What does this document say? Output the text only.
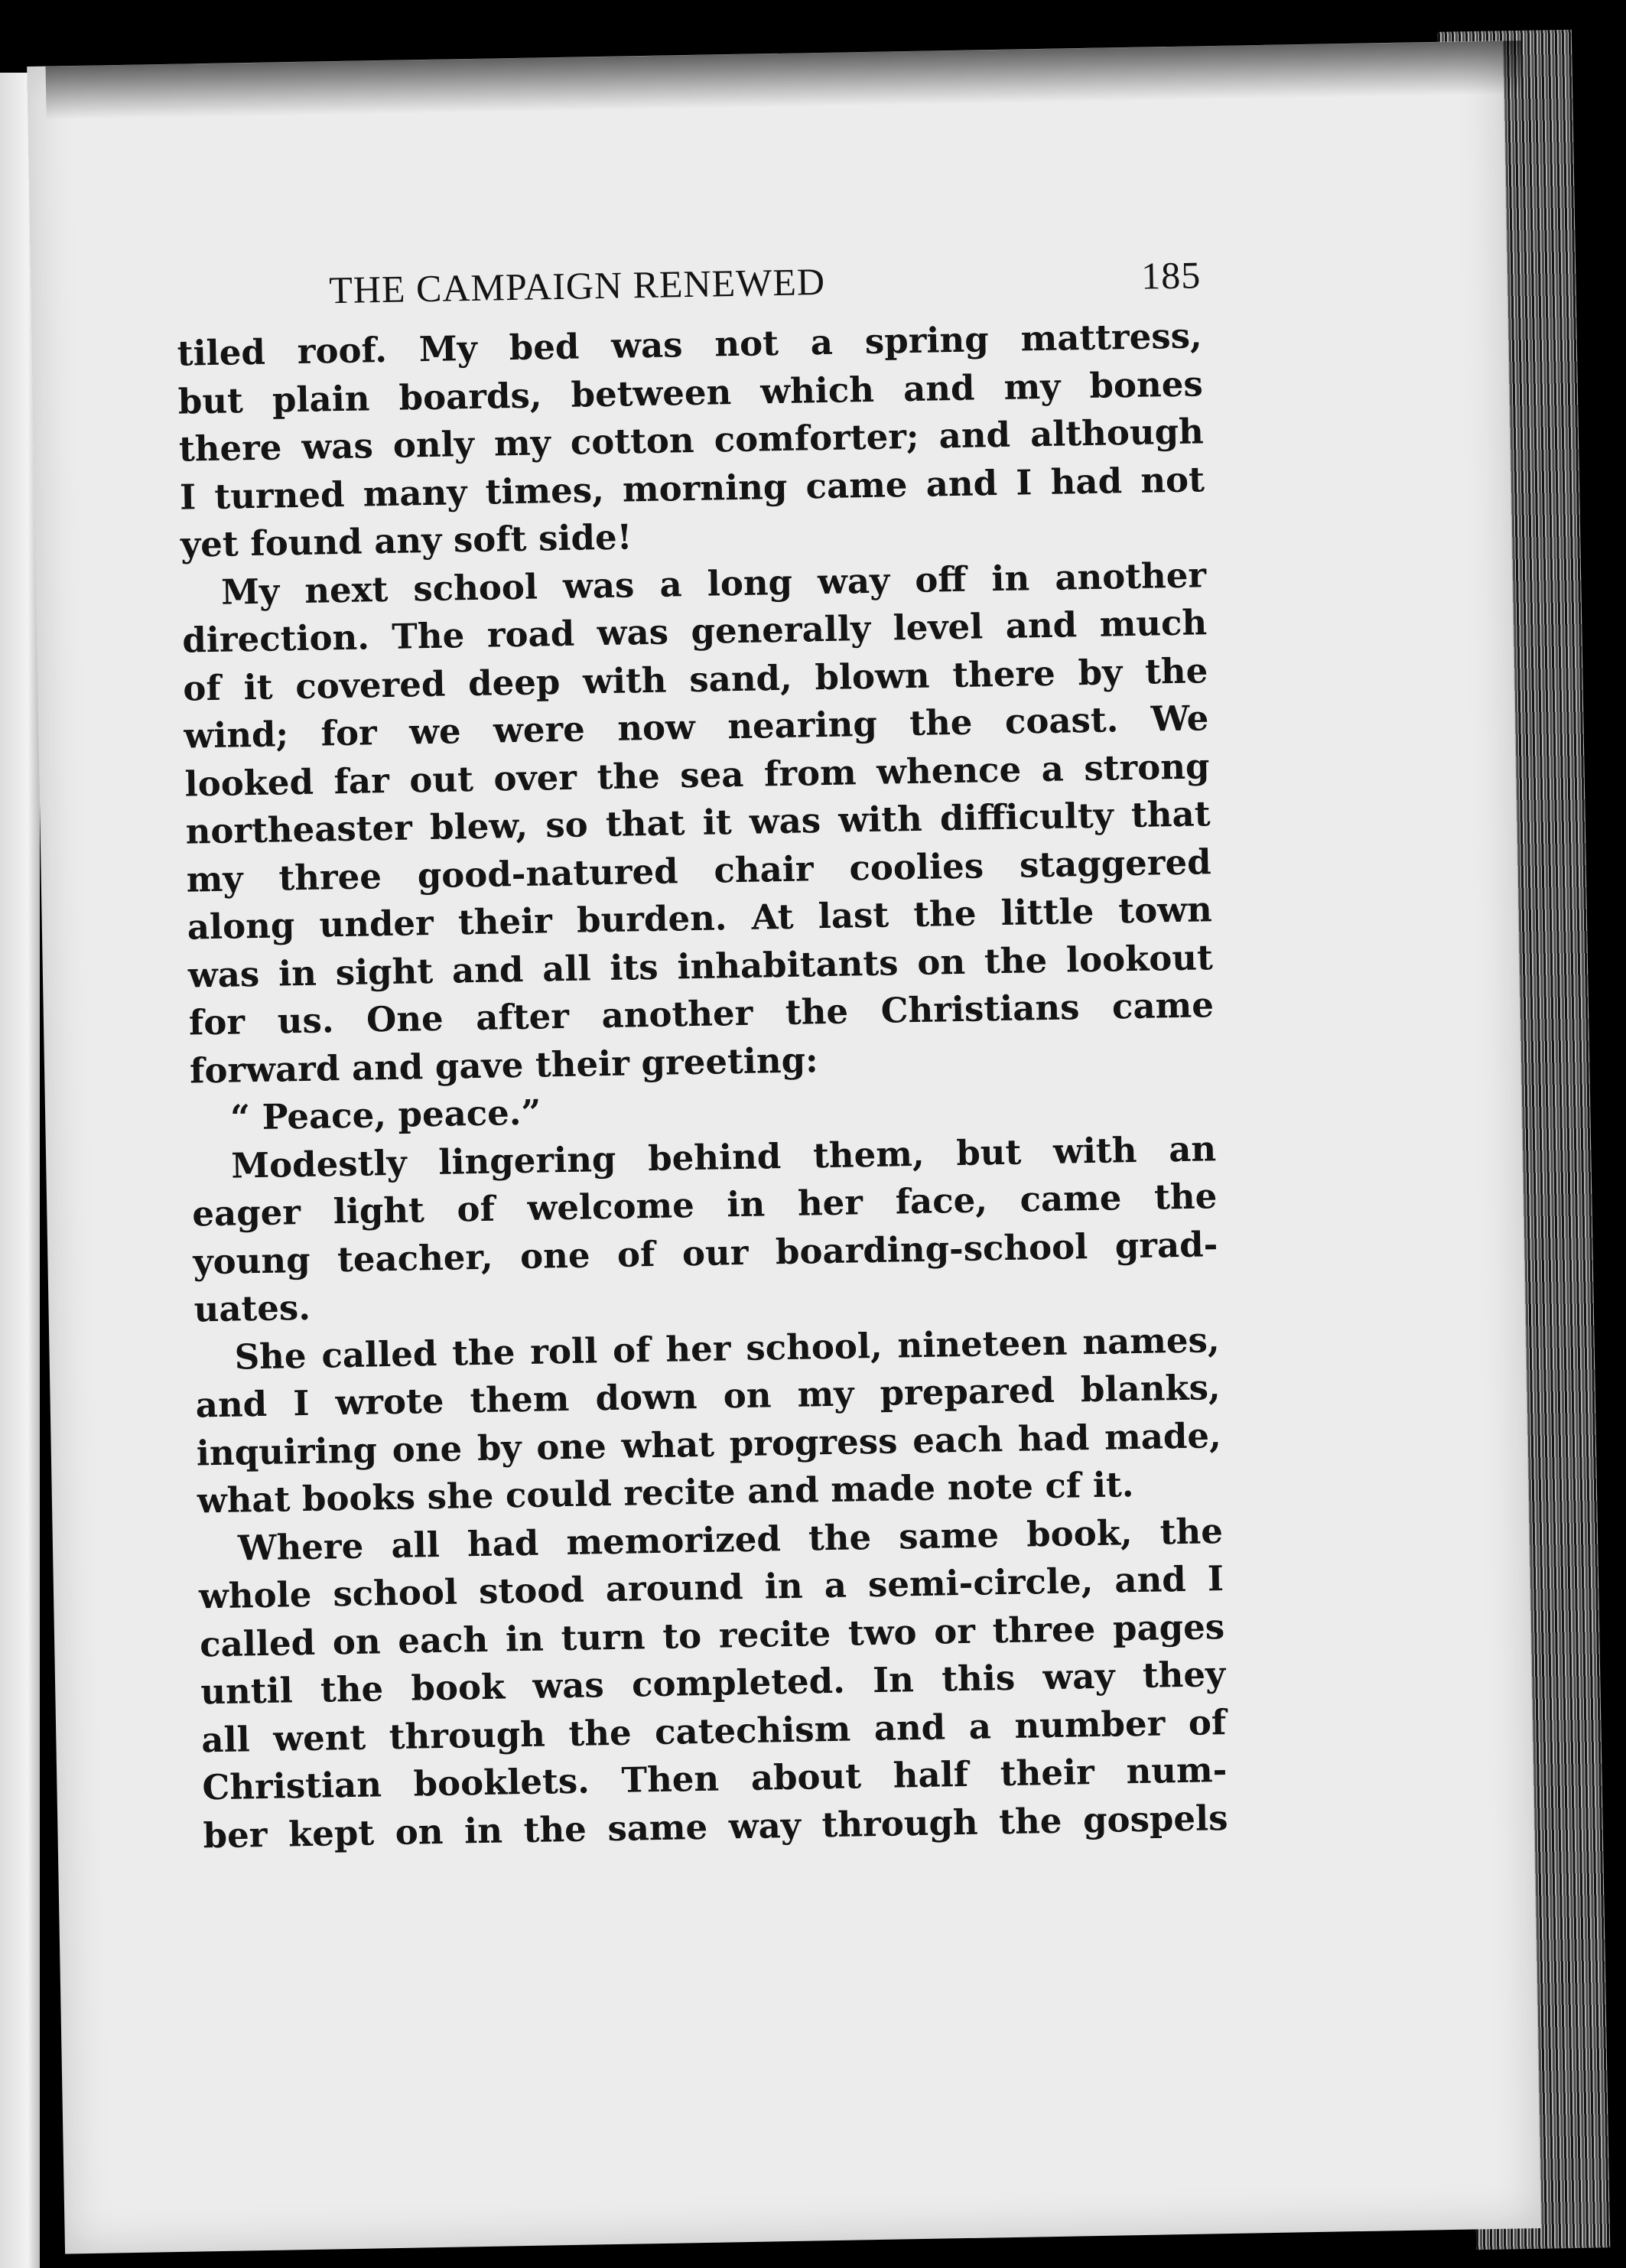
THE CAMPAIGN RENEWED	185
tiled roof. My bed was not a spring mattress,
but plain boards, between which and my bones
there was only my cotton comforter; and although
I turned many times, morning came and I had not
yet found any soft side!
My next school was a long way off in another
direction. The road was generally level and much
of it covered deep with sand, blown there by the
wind; for we were now nearing the coast. We
looked far out over the sea from whence a strong
northeaster blew, so that it was with difficulty that
my three good-natured chair coolies staggered
along under their burden. At last the little town
was in sight and all its inhabitants on the lookout
for us. One after another the Christians came
forward and gave their greeting:
“ Peace, peace.”
Modestly lingering behind them, but with an
eager light of welcome in her face, came the
young teacher, one of our boarding-school grad-
uates.
She called the roll of her school, nineteen names,
and I wrote them down on my prepared blanks,
inquiring one by one what progress each had made,
what books she could recite and made note cf it.
Where all had memorized the same book, the
whole school stood around in a semi-circle, and I
called on each in turn to recite two or three pages
until the book was completed. In this way they
all went through the catechism and a number of
Christian booklets. Then about half their num-
ber kept on in the same way through the gospels
